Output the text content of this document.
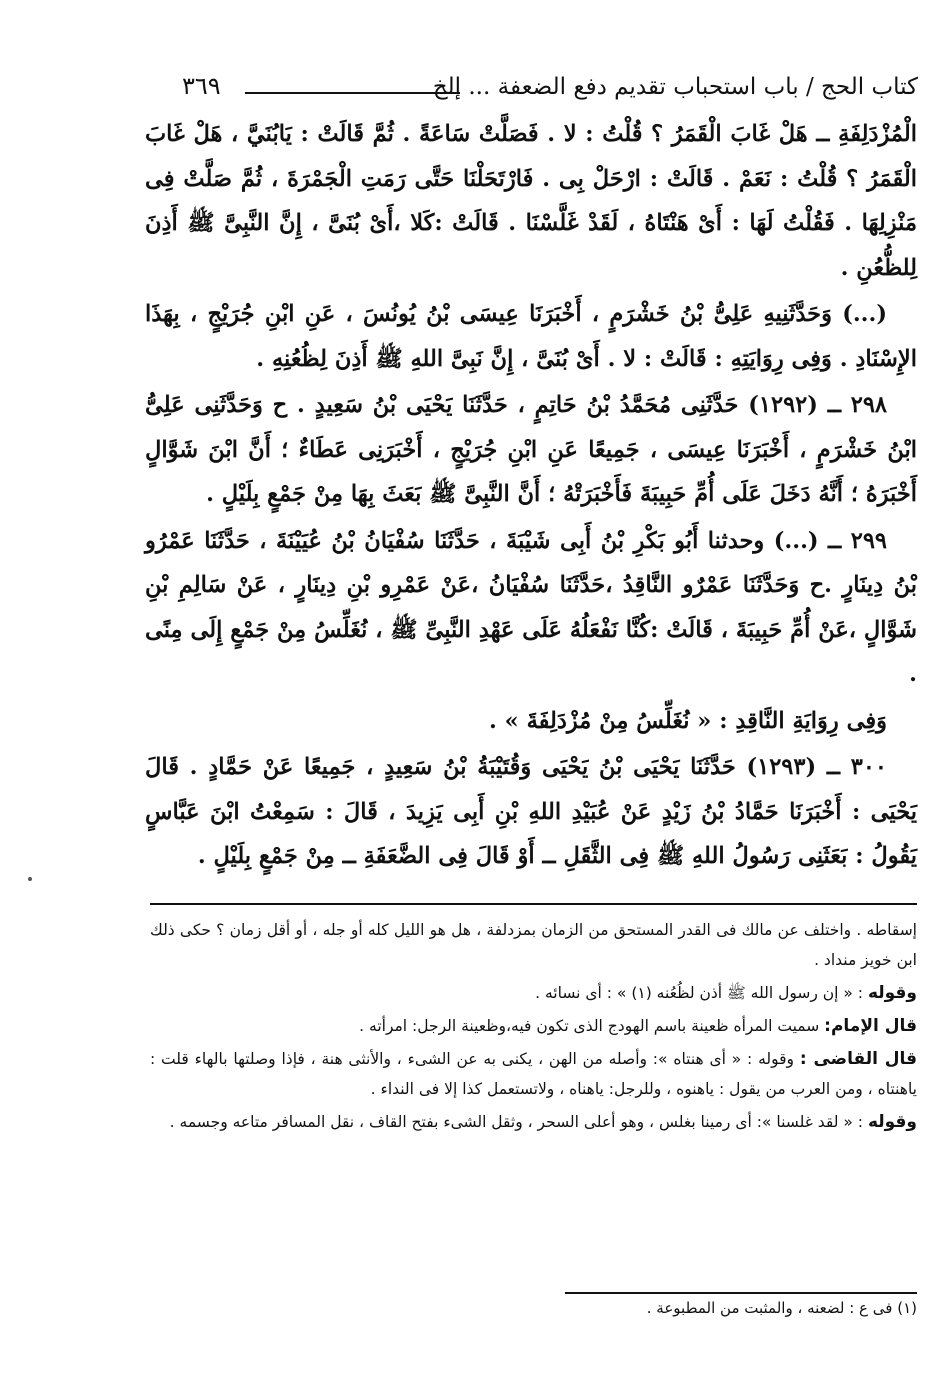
كتاب الحج / باب استحباب تقديم دفع الضعفة ... إلخ
٣٦٩

الْمُزْدَلِفَةِ ــ هَلْ غَابَ الْقَمَرُ ؟ قُلْتُ : لا . فَصَلَّتْ سَاعَةً . ثُمَّ قَالَتْ : يَابُنَيَّ ، هَلْ غَابَ الْقَمَرُ ؟ قُلْتُ : نَعَمْ . قَالَتْ : ارْحَلْ بِى . فَارْتَحَلْنَا حَتَّى رَمَتِ الْجَمْرَةَ ، ثُمَّ صَلَّتْ فِى مَنْزِلِهَا . فَقُلْتُ لَهَا : أَىْ هَنْتَاهُ ، لَقَدْ غَلَّسْنَا . قَالَتْ :كَلا ،أَىْ بُنَىَّ ، إِنَّ النَّبِىَّ ﷺ أَذِنَ لِلظُّعُنِ .

(...) وَحَدَّثَنِيهِ عَلِىُّ بْنُ خَشْرَمٍ ، أَخْبَرَنَا عِيسَى بْنُ يُونُسَ ، عَنِ ابْنِ جُرَيْجٍ ، بِهَذَا الإِسْنَادِ . وَفِى رِوَايَتِهِ : قَالَتْ : لا . أَىْ بُنَىَّ ، إِنَّ نَبِىَّ اللهِ ﷺ أَذِنَ لِظُعُنِهِ .

٢٩٨ ــ (١٢٩٢) حَدَّثَنِى مُحَمَّدُ بْنُ حَاتِمٍ ، حَدَّثَنَا يَحْيَى بْنُ سَعِيدٍ . ح وَحَدَّثَنِى عَلِىُّ ابْنُ خَشْرَمٍ ، أَخْبَرَنَا عِيسَى ، جَمِيعًا عَنِ ابْنِ جُرَيْجٍ ، أَخْبَرَنِى عَطَاءٌ ؛ أَنَّ ابْنَ شَوَّالٍ أَخْبَرَهُ ؛ أَنَّهُ دَخَلَ عَلَى أُمِّ حَبِيبَةَ فَأَخْبَرَتْهُ ؛ أَنَّ النَّبِىَّ ﷺ بَعَثَ بِهَا مِنْ جَمْعٍ بِلَيْلٍ .

٢٩٩ ــ (...) وحدثنا أَبُو بَكْرِ بْنُ أَبِى شَيْبَةَ ، حَدَّثَنَا سُفْيَانُ بْنُ عُيَيْنَةَ ، حَدَّثَنَا عَمْرُو بْنُ دِينَارٍ .ح وَحَدَّثَنَا عَمْرٌو النَّاقِدُ ،حَدَّثَنَا سُفْيَانُ ،عَنْ عَمْرِو بْنِ دِينَارٍ ، عَنْ سَالِمِ بْنِ شَوَّالٍ ،عَنْ أُمِّ حَبِيبَةَ ، قَالَتْ :كُنَّا نَفْعَلُهُ عَلَى عَهْدِ النَّبِىِّ ﷺ ، نُغَلِّسُ مِنْ جَمْعٍ إِلَى مِنًى .

وَفِى رِوَايَةِ النَّاقِدِ : « نُغَلِّسُ مِنْ مُزْدَلِفَةَ » .

٣٠٠ ــ (١٢٩٣) حَدَّثَنَا يَحْيَى بْنُ يَحْيَى وَقُتَيْبَةُ بْنُ سَعِيدٍ ، جَمِيعًا عَنْ حَمَّادٍ . قَالَ يَحْيَى : أَخْبَرَنَا حَمَّادُ بْنُ زَيْدٍ عَنْ عُبَيْدِ اللهِ بْنِ أَبِى يَزِيدَ ، قَالَ : سَمِعْتُ ابْنَ عَبَّاسٍ يَقُولُ : بَعَثَنِى رَسُولُ اللهِ ﷺ فِى الثَّقَلِ ــ أَوْ قَالَ فِى الضَّعَفَةِ ــ مِنْ جَمْعٍ بِلَيْلٍ .

إسقاطه . واختلف عن مالك فى القدر المستحق من الزمان بمزدلفة ، هل هو الليل كله أو جله ، أو أقل زمان ؟ حكى ذلك ابن خويز منداد .

وقوله : « إن رسول الله ﷺ أذن لظُعُنه (١) » : أى نسائه .

قال الإمام: سميت المرأه ظعينة باسم الهودج الذى تكون فيه،وظعينة الرجل: امرأته .

قال القاضى : وقوله : « أى هنتاه »: وأصله من الهن ، يكنى به عن الشىء ، والأنثى هنة ، فإذا وصلتها بالهاء قلت : ياهنتاه ، ومن العرب من يقول : ياهنوه ، وللرجل: ياهناه ، ولاتستعمل كذا إلا فى النداء .

وقوله : « لقد غلسنا »: أى رمينا بغلس ، وهو أعلى السحر ، وثقل الشىء بفتح القاف ، نقل المسافر متاعه وجسمه .

(١) فى ع : لضعنه ، والمثبت من المطبوعة .
